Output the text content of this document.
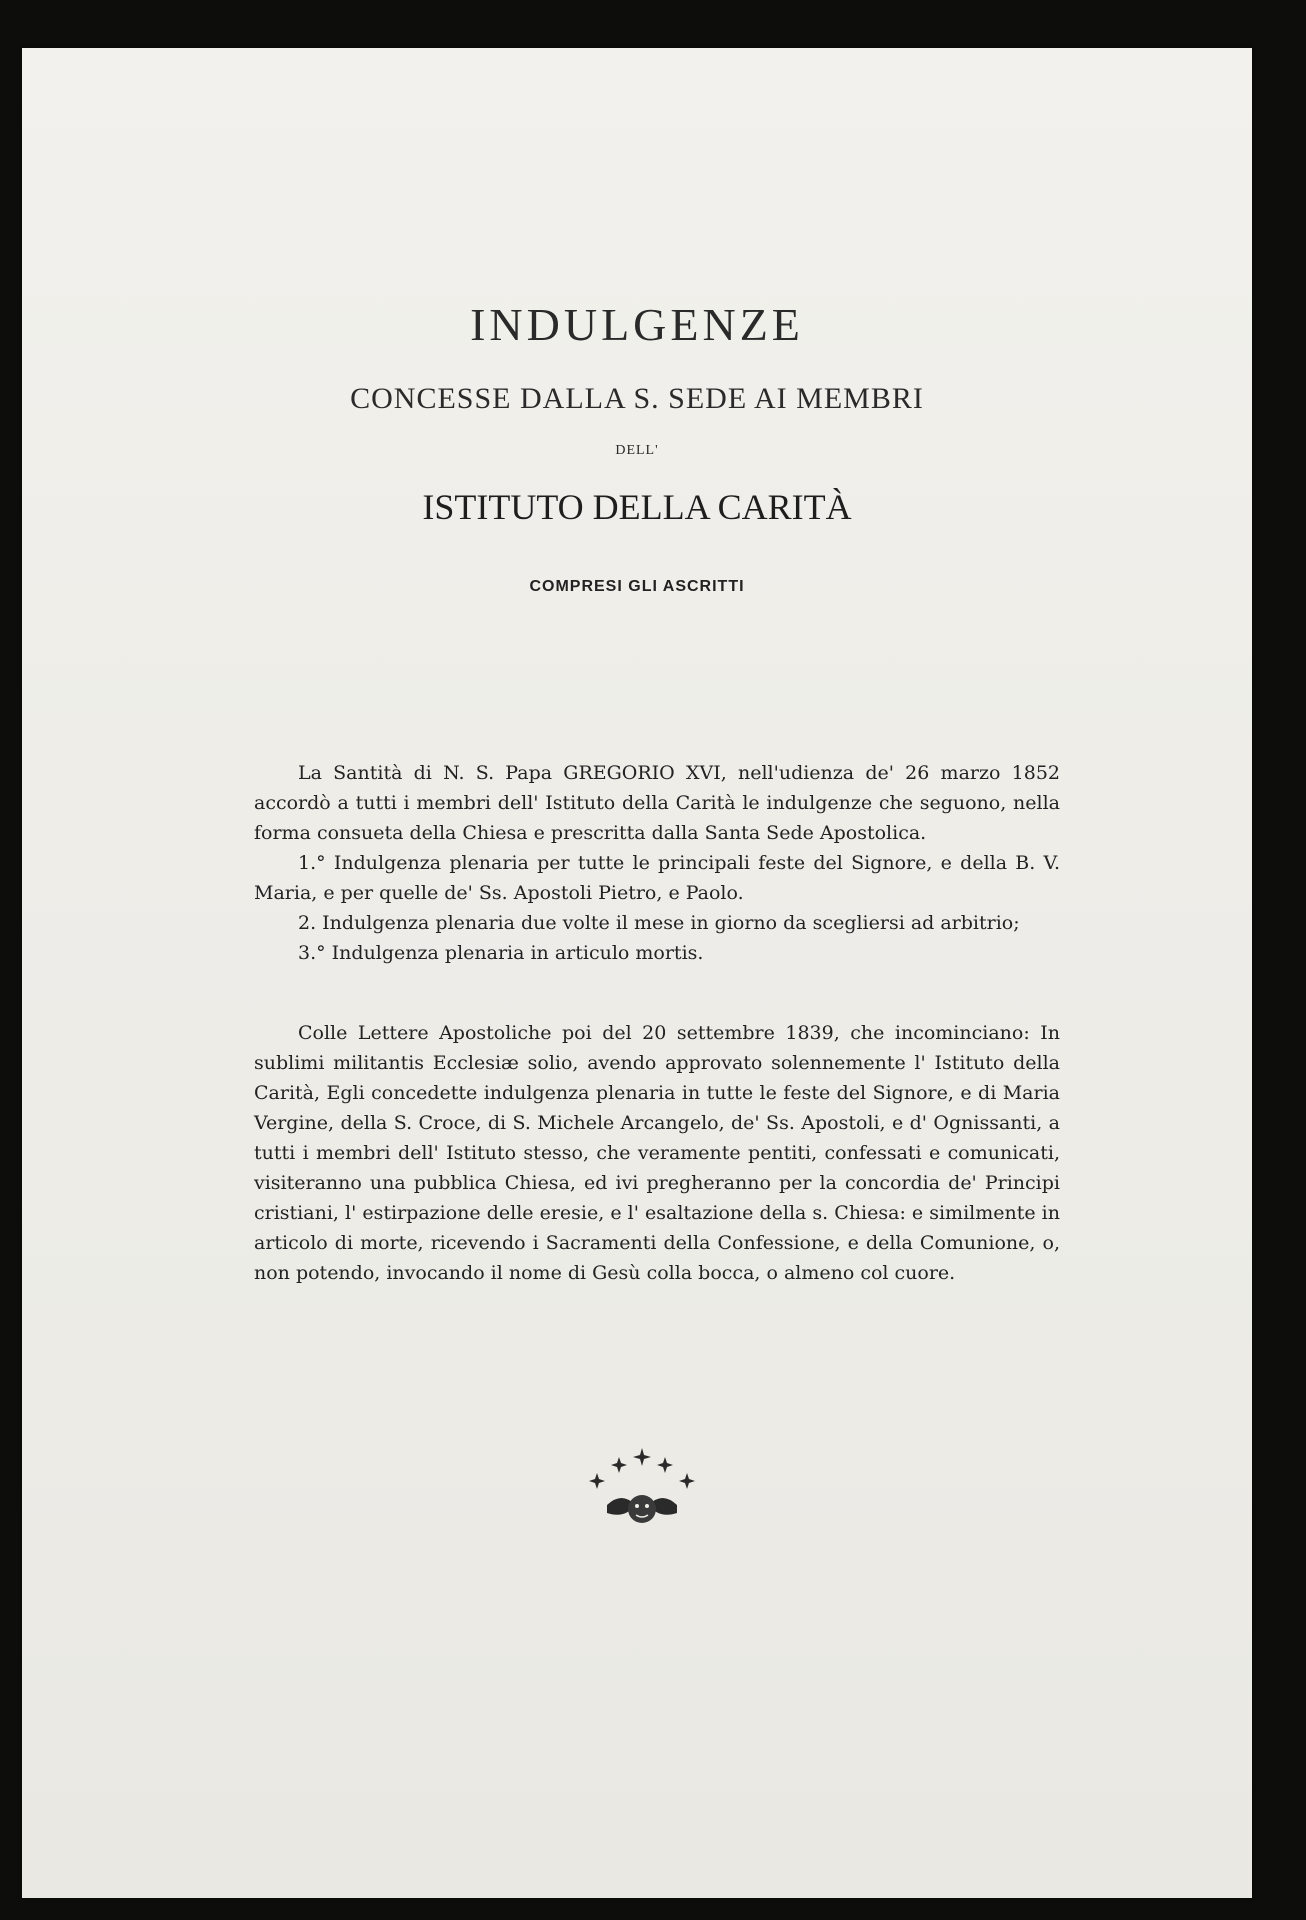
INDULGENZE
CONCESSE DALLA S. SEDE AI MEMBRI
DELL'
ISTITUTO DELLA CARITÀ
COMPRESI GLI ASCRITTI

La Santità di N. S. Papa GREGORIO XVI, nell'udienza de' 26 marzo 1852 accordò a tutti i membri dell' Istituto della Carità le indulgenze che seguono, nella forma consueta della Chiesa e prescritta dalla Santa Sede Apostolica.

1.° Indulgenza plenaria per tutte le principali feste del Signore, e della B. V. Maria, e per quelle de' Ss. Apostoli Pietro, e Paolo.

2. Indulgenza plenaria due volte il mese in giorno da scegliersi ad arbitrio;

3.° Indulgenza plenaria in articulo mortis.

Colle Lettere Apostoliche poi del 20 settembre 1839, che incominciano: In sublimi militantis Ecclesiæ solio, avendo approvato solennemente l' Istituto della Carità, Egli concedette indulgenza plenaria in tutte le feste del Signore, e di Maria Vergine, della S. Croce, di S. Michele Arcangelo, de' Ss. Apostoli, e d' Ognissanti, a tutti i membri dell' Istituto stesso, che veramente pentiti, confessati e comunicati, visiteranno una pubblica Chiesa, ed ivi pregheranno per la concordia de' Principi cristiani, l' estirpazione delle eresie, e l' esaltazione della s. Chiesa: e similmente in articolo di morte, ricevendo i Sacramenti della Confessione, e della Comunione, o, non potendo, invocando il nome di Gesù colla bocca, o almeno col cuore.
